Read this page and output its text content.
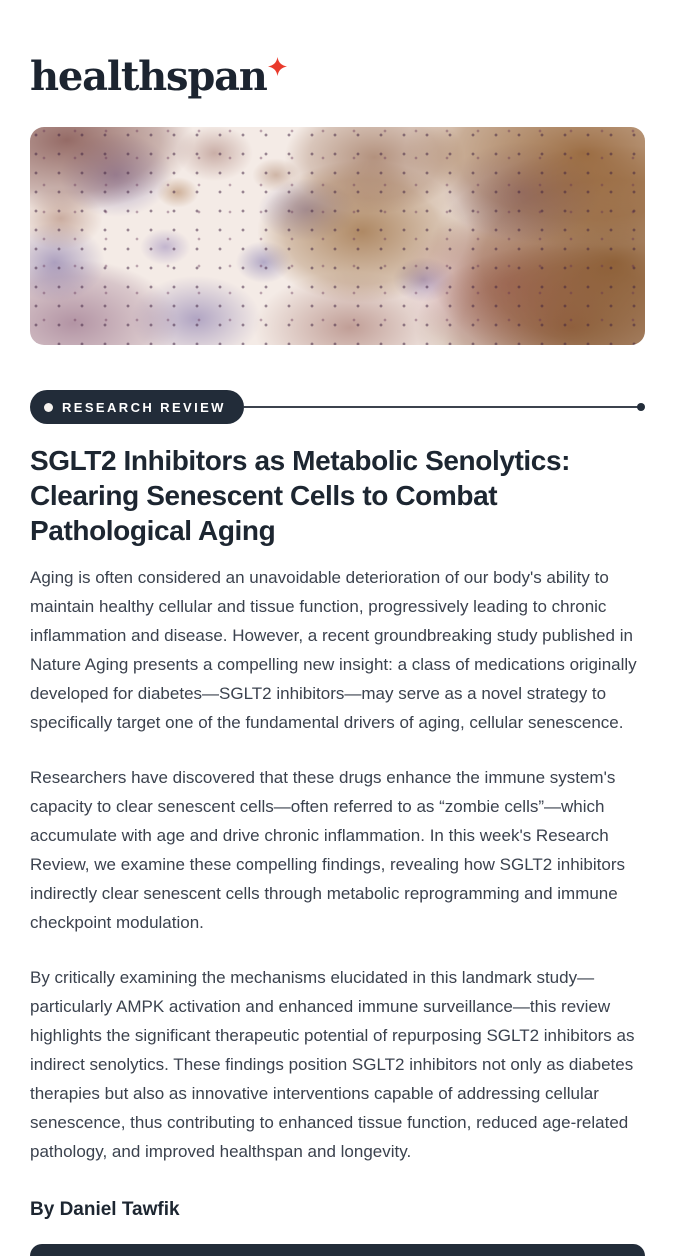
healthspan
RESEARCH REVIEW
SGLT2 Inhibitors as Metabolic Senolytics: Clearing Senescent Cells to Combat Pathological Aging

Aging is often considered an unavoidable deterioration of our body's ability to maintain healthy cellular and tissue function, progressively leading to chronic inflammation and disease. However, a recent groundbreaking study published in Nature Aging presents a compelling new insight: a class of medications originally developed for diabetes—SGLT2 inhibitors—may serve as a novel strategy to specifically target one of the fundamental drivers of aging, cellular senescence.

Researchers have discovered that these drugs enhance the immune system's capacity to clear senescent cells—often referred to as “zombie cells”—which accumulate with age and drive chronic inflammation. In this week's Research Review, we examine these compelling findings, revealing how SGLT2 inhibitors indirectly clear senescent cells through metabolic reprogramming and immune checkpoint modulation.

By critically examining the mechanisms elucidated in this landmark study—particularly AMPK activation and enhanced immune surveillance—this review highlights the significant therapeutic potential of repurposing SGLT2 inhibitors as indirect senolytics. These findings position SGLT2 inhibitors not only as diabetes therapies but also as innovative interventions capable of addressing cellular senescence, thus contributing to enhanced tissue function, reduced age-related pathology, and improved healthspan and longevity.

By Daniel Tawfik
